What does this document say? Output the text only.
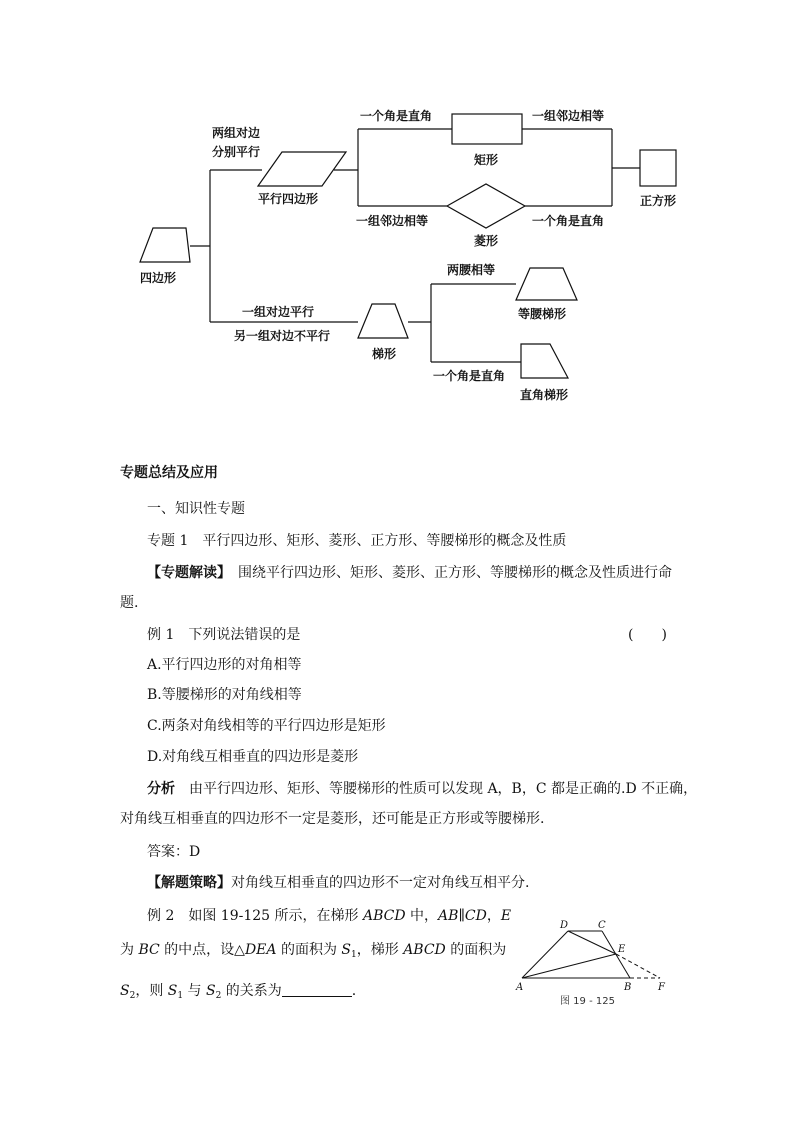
四边形
两组对边
分别平行
平行四边形
一个角是直角
矩形
一组邻边相等
正方形
一组邻边相等
菱形
一个角是直角
一组对边平行
另一组对边不平行
梯形
两腰相等
等腰梯形
一个角是直角
直角梯形
专题总结及应用
一、知识性专题
专题 1　平行四边形、矩形、菱形、正方形、等腰梯形的概念及性质
【专题解读】　围绕平行四边形、矩形、菱形、正方形、等腰梯形的概念及性质进行命
题.
例 1　下列说法错误的是	(　　)
A.平行四边形的对角相等
B.等腰梯形的对角线相等
C.两条对角线相等的平行四边形是矩形
D.对角线互相垂直的四边形是菱形
分析　由平行四边形、矩形、等腰梯形的性质可以发现 A，B，C 都是正确的.D 不正确，
对角线互相垂直的四边形不一定是菱形，还可能是正方形或等腰梯形.
答案：D
【解题策略】对角线互相垂直的四边形不一定对角线互相平分.
例 2　如图 19-125 所示，在梯形 ABCD 中，AB∥CD，E
为 BC 的中点，设△DEA 的面积为 $S_1$，梯形 ABCD 的面积为
$S_2$，则 $S_1$ 与 $S_2$ 的关系为	.
D	C
E
A	B	F
图 19 - 125
